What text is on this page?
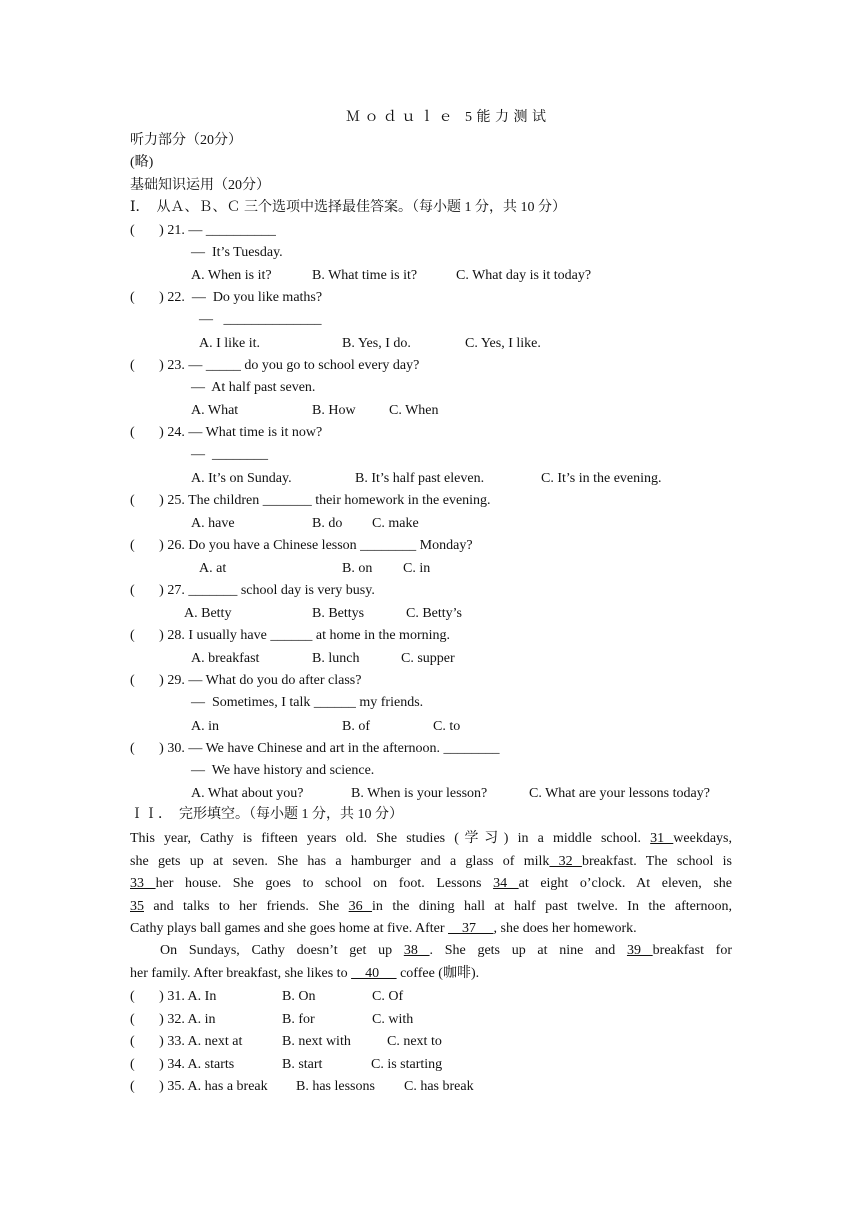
Ｍｏｄｕｌｅ 5能力测试
听力部分（20分）
(略)
基础知识运用（20分）
Ⅰ．  从Ａ、Ｂ、Ｃ 三个选项中选择最佳答案。（每小题 1 分，共 10 分）
(       ) 21. — __________
—  It’s Tuesday.
A. When is it?	B. What time is it?	C. What day is it today?
(       ) 22.  —  Do you like maths?
—   ______________
A. I like it.	B. Yes, I do.	C. Yes, I like.
(       ) 23. — _____ do you go to school every day?
—  At half past seven.
A. What	B. How C. When
(       ) 24. — What time is it now?
—  ________
A. It’s on Sunday.	B. It’s half past eleven.	C. It’s in the evening.
(       ) 25. The children _______ their homework in the evening.
A. have	B. do C. make
(       ) 26. Do you have a Chinese lesson ________ Monday?
A. at	B. on C. in
(       ) 27. _______ school day is very busy.
A. Betty	B. Bettys	C. Betty’s
(       ) 28. I usually have ______ at home in the morning.
A. breakfast	B. lunch	C. supper
(       ) 29. — What do you do after class?
—  Sometimes, I talk ______ my friends.
A. in	B. of	C. to
(       ) 30. — We have Chinese and art in the afternoon. ________
—  We have history and science.
A. What about you?	B. When is your lesson?	C. What are your lessons today?
ＩＩ．  完形填空。（每小题 1 分，共 10 分）
This year, Cathy is fifteen years old. She studies (学习) in a middle school. 31 weekdays,
she gets up at seven. She has a hamburger and a glass of milk 32 breakfast. The school is
33 her house. She goes to school on foot. Lessons 34 at eight o’clock. At eleven, she
35 and talks to her friends. She 36 in the dining hall at half past twelve. In the afternoon,
Cathy plays ball games and she goes home at five. After     37     , she does her homework.
On Sundays, Cathy doesn’t get up 38 . She gets up at nine and 39 breakfast for
her family. After breakfast, she likes to     40      coffee (咖啡).
(       ) 31. A. In	B. On	C. Of
(       ) 32. A. in	B. for	C. with
(       ) 33. A. next at	B. next with	C. next to
(       ) 34. A. starts	B. start	C. is starting
(       ) 35. A. has a break B. has lessons C. has break
